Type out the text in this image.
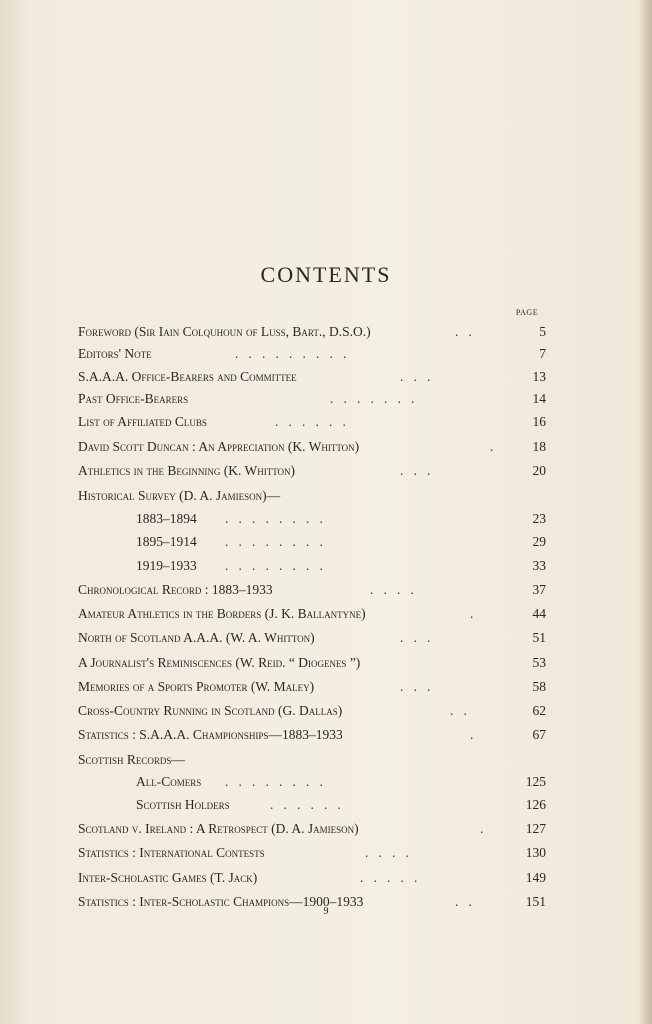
CONTENTS
PAGE
Foreword (Sir Iain Colquhoun of Luss, Bart., D.S.O.)	.   .	5
Editors' Note	.   .   .   .   .   .   .   .   .	7
S.A.A.A. Office-Bearers and Committee	.   .   .	13
Past Office-Bearers	.   .   .   .   .   .   .	14
List of Affiliated Clubs	.   .   .   .   .   .	16
David Scott Duncan : An Appreciation (K. Whitton)	.	18
Athletics in the Beginning (K. Whitton)	.   .   .	20
Historical Survey (D. A. Jamieson)—
1883–1894 .   .   .   .   .   .   .   .	23
1895–1914 .   .   .   .   .   .   .   .	29
1919–1933 .   .   .   .   .   .   .   .	33
Chronological Record : 1883–1933	.   .   .   .	37
Amateur Athletics in the Borders (J. K. Ballantyne)	.	44
North of Scotland A.A.A. (W. A. Whitton)	.   .   .	51
A Journalist's Reminiscences (W. Reid. “ Diogenes ”)	53
Memories of a Sports Promoter (W. Maley)	.   .   .	58
Cross-Country Running in Scotland (G. Dallas)	.   .	62
Statistics : S.A.A.A. Championships—1883–1933	.	67
Scottish Records—
All-Comers .   .   .   .   .   .   .   .	125
Scottish Holders	.   .   .   .   .   .	126
Scotland v. Ireland : A Retrospect (D. A. Jamieson)	.	127
Statistics : International Contests	.   .   .   .	130
Inter-Scholastic Games (T. Jack)	.   .   .   .   .	149
Statistics : Inter-Scholastic Champions—1900–1933	.   .	151
9
